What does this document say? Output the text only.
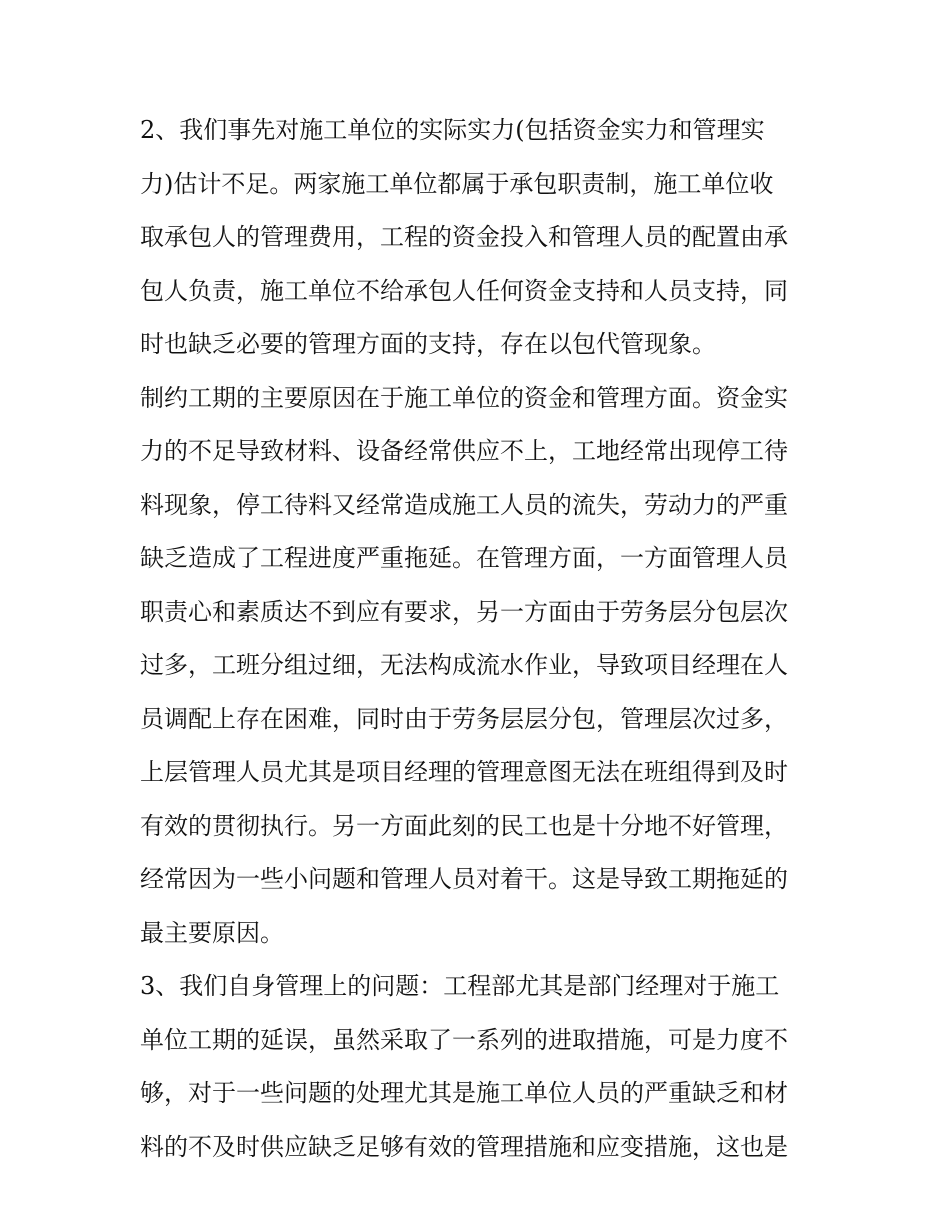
2、我们事先对施工单位的实际实力(包括资金实力和管理实
力)估计不足。两家施工单位都属于承包职责制，施工单位收
取承包人的管理费用，工程的资金投入和管理人员的配置由承
包人负责，施工单位不给承包人任何资金支持和人员支持，同
时也缺乏必要的管理方面的支持，存在以包代管现象。
制约工期的主要原因在于施工单位的资金和管理方面。资金实
力的不足导致材料、设备经常供应不上，工地经常出现停工待
料现象，停工待料又经常造成施工人员的流失，劳动力的严重
缺乏造成了工程进度严重拖延。在管理方面，一方面管理人员
职责心和素质达不到应有要求，另一方面由于劳务层分包层次
过多，工班分组过细，无法构成流水作业，导致项目经理在人
员调配上存在困难，同时由于劳务层层分包，管理层次过多，
上层管理人员尤其是项目经理的管理意图无法在班组得到及时
有效的贯彻执行。另一方面此刻的民工也是十分地不好管理，
经常因为一些小问题和管理人员对着干。这是导致工期拖延的
最主要原因。
3、我们自身管理上的问题：工程部尤其是部门经理对于施工
单位工期的延误，虽然采取了一系列的进取措施，可是力度不
够，对于一些问题的处理尤其是施工单位人员的严重缺乏和材
料的不及时供应缺乏足够有效的管理措施和应变措施，这也是
